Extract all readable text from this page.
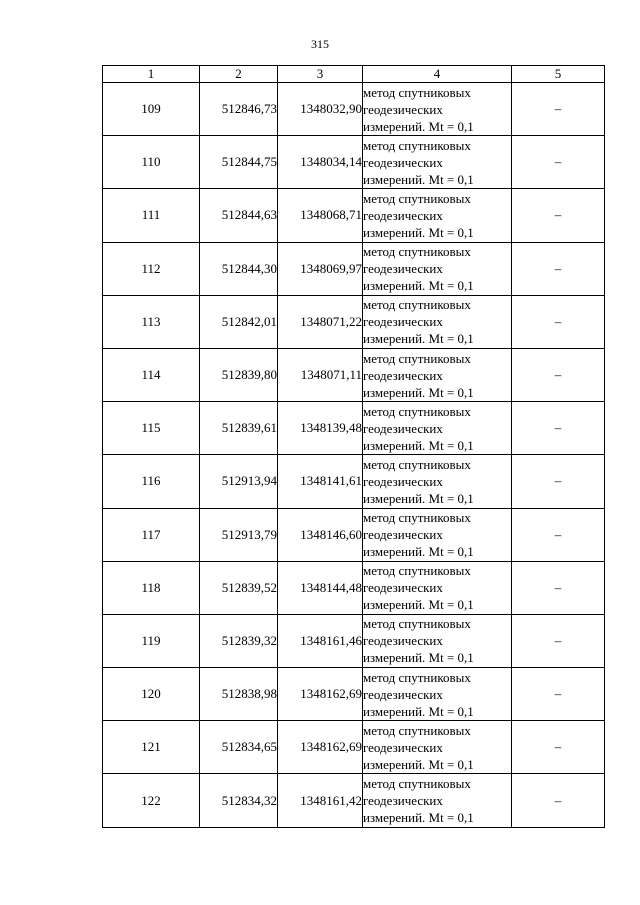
315
1	2	3	4	5
109	512846,73	1348032,90	метод спутниковых
геодезических
измерений. Mt = 0,1	–
110	512844,75	1348034,14	метод спутниковых
геодезических
измерений. Mt = 0,1	–
111	512844,63	1348068,71	метод спутниковых
геодезических
измерений. Mt = 0,1	–
112	512844,30	1348069,97	метод спутниковых
геодезических
измерений. Mt = 0,1	–
113	512842,01	1348071,22	метод спутниковых
геодезических
измерений. Mt = 0,1	–
114	512839,80	1348071,11	метод спутниковых
геодезических
измерений. Mt = 0,1	–
115	512839,61	1348139,48	метод спутниковых
геодезических
измерений. Mt = 0,1	–
116	512913,94	1348141,61	метод спутниковых
геодезических
измерений. Mt = 0,1	–
117	512913,79	1348146,60	метод спутниковых
геодезических
измерений. Mt = 0,1	–
118	512839,52	1348144,48	метод спутниковых
геодезических
измерений. Mt = 0,1	–
119	512839,32	1348161,46	метод спутниковых
геодезических
измерений. Mt = 0,1	–
120	512838,98	1348162,69	метод спутниковых
геодезических
измерений. Mt = 0,1	–
121	512834,65	1348162,69	метод спутниковых
геодезических
измерений. Mt = 0,1	–
122	512834,32	1348161,42	метод спутниковых
геодезических
измерений. Mt = 0,1	–
